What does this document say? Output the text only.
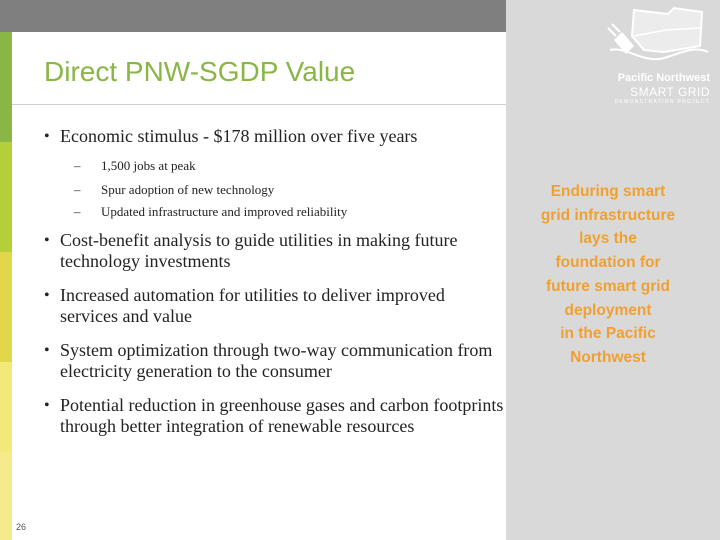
Direct PNW-SGDP Value	Pacific Northwest
SMART GRID
DEMONSTRATION PROJECT
• Economic stimulus - $178 million over five years
– 1,500 jobs at peak
– Spur adoption of new technology
– Updated infrastructure and improved reliability
• Cost-benefit analysis to guide utilities in making future technology investments
• Increased automation for utilities to deliver improved services and value
• System optimization through two-way communication from electricity generation to the consumer
• Potential reduction in greenhouse gases and carbon footprints through better integration of renewable resources
Enduring smart
grid infrastructure
lays the
foundation for
future smart grid
deployment
in the Pacific
Northwest
26
